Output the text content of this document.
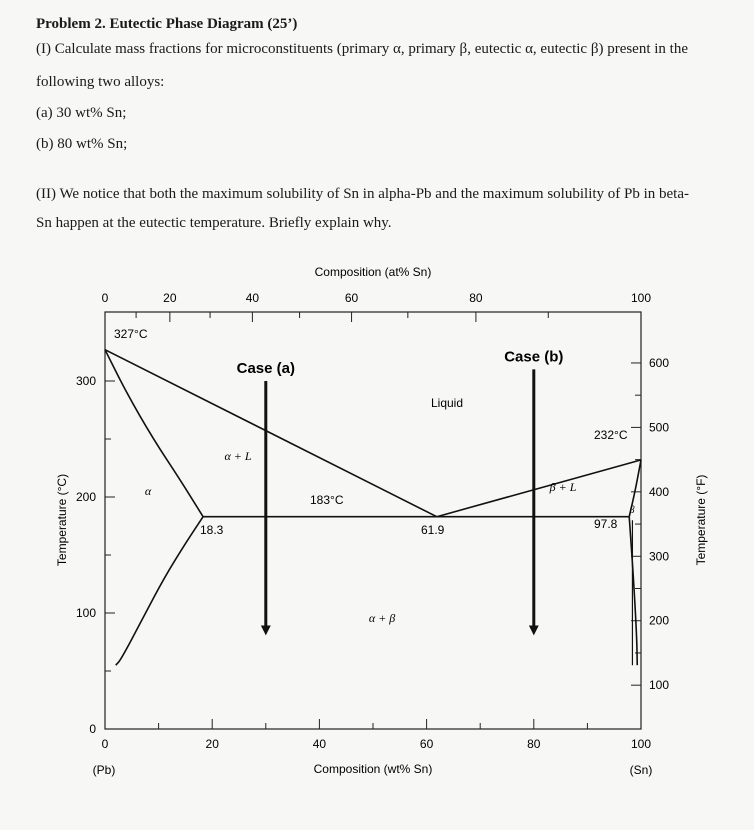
Problem 2. Eutectic Phase Diagram (25’)
(I) Calculate mass fractions for microconstituents (primary α, primary β, eutectic α, eutectic β) present in the
following two alloys:
(a) 30 wt% Sn;
(b) 80 wt% Sn;
(II) We notice that both the maximum solubility of Sn in alpha-Pb and the maximum solubility of Pb in beta-
Sn happen at the eutectic temperature. Briefly explain why.
0	20	40	60	80	100
0	20	40	60	80	100
0
100
200
300
100
200
300
400
500
600
Case (a)
Case (b)
Composition (at% Sn)
Composition (wt% Sn)
Temperature (°C)	Temperature (°F)
(Pb)	(Sn)
Liquid
α + L
β + L
α
β
α + β
327°C
232°C
183°C
18.3	61.9	97.8
